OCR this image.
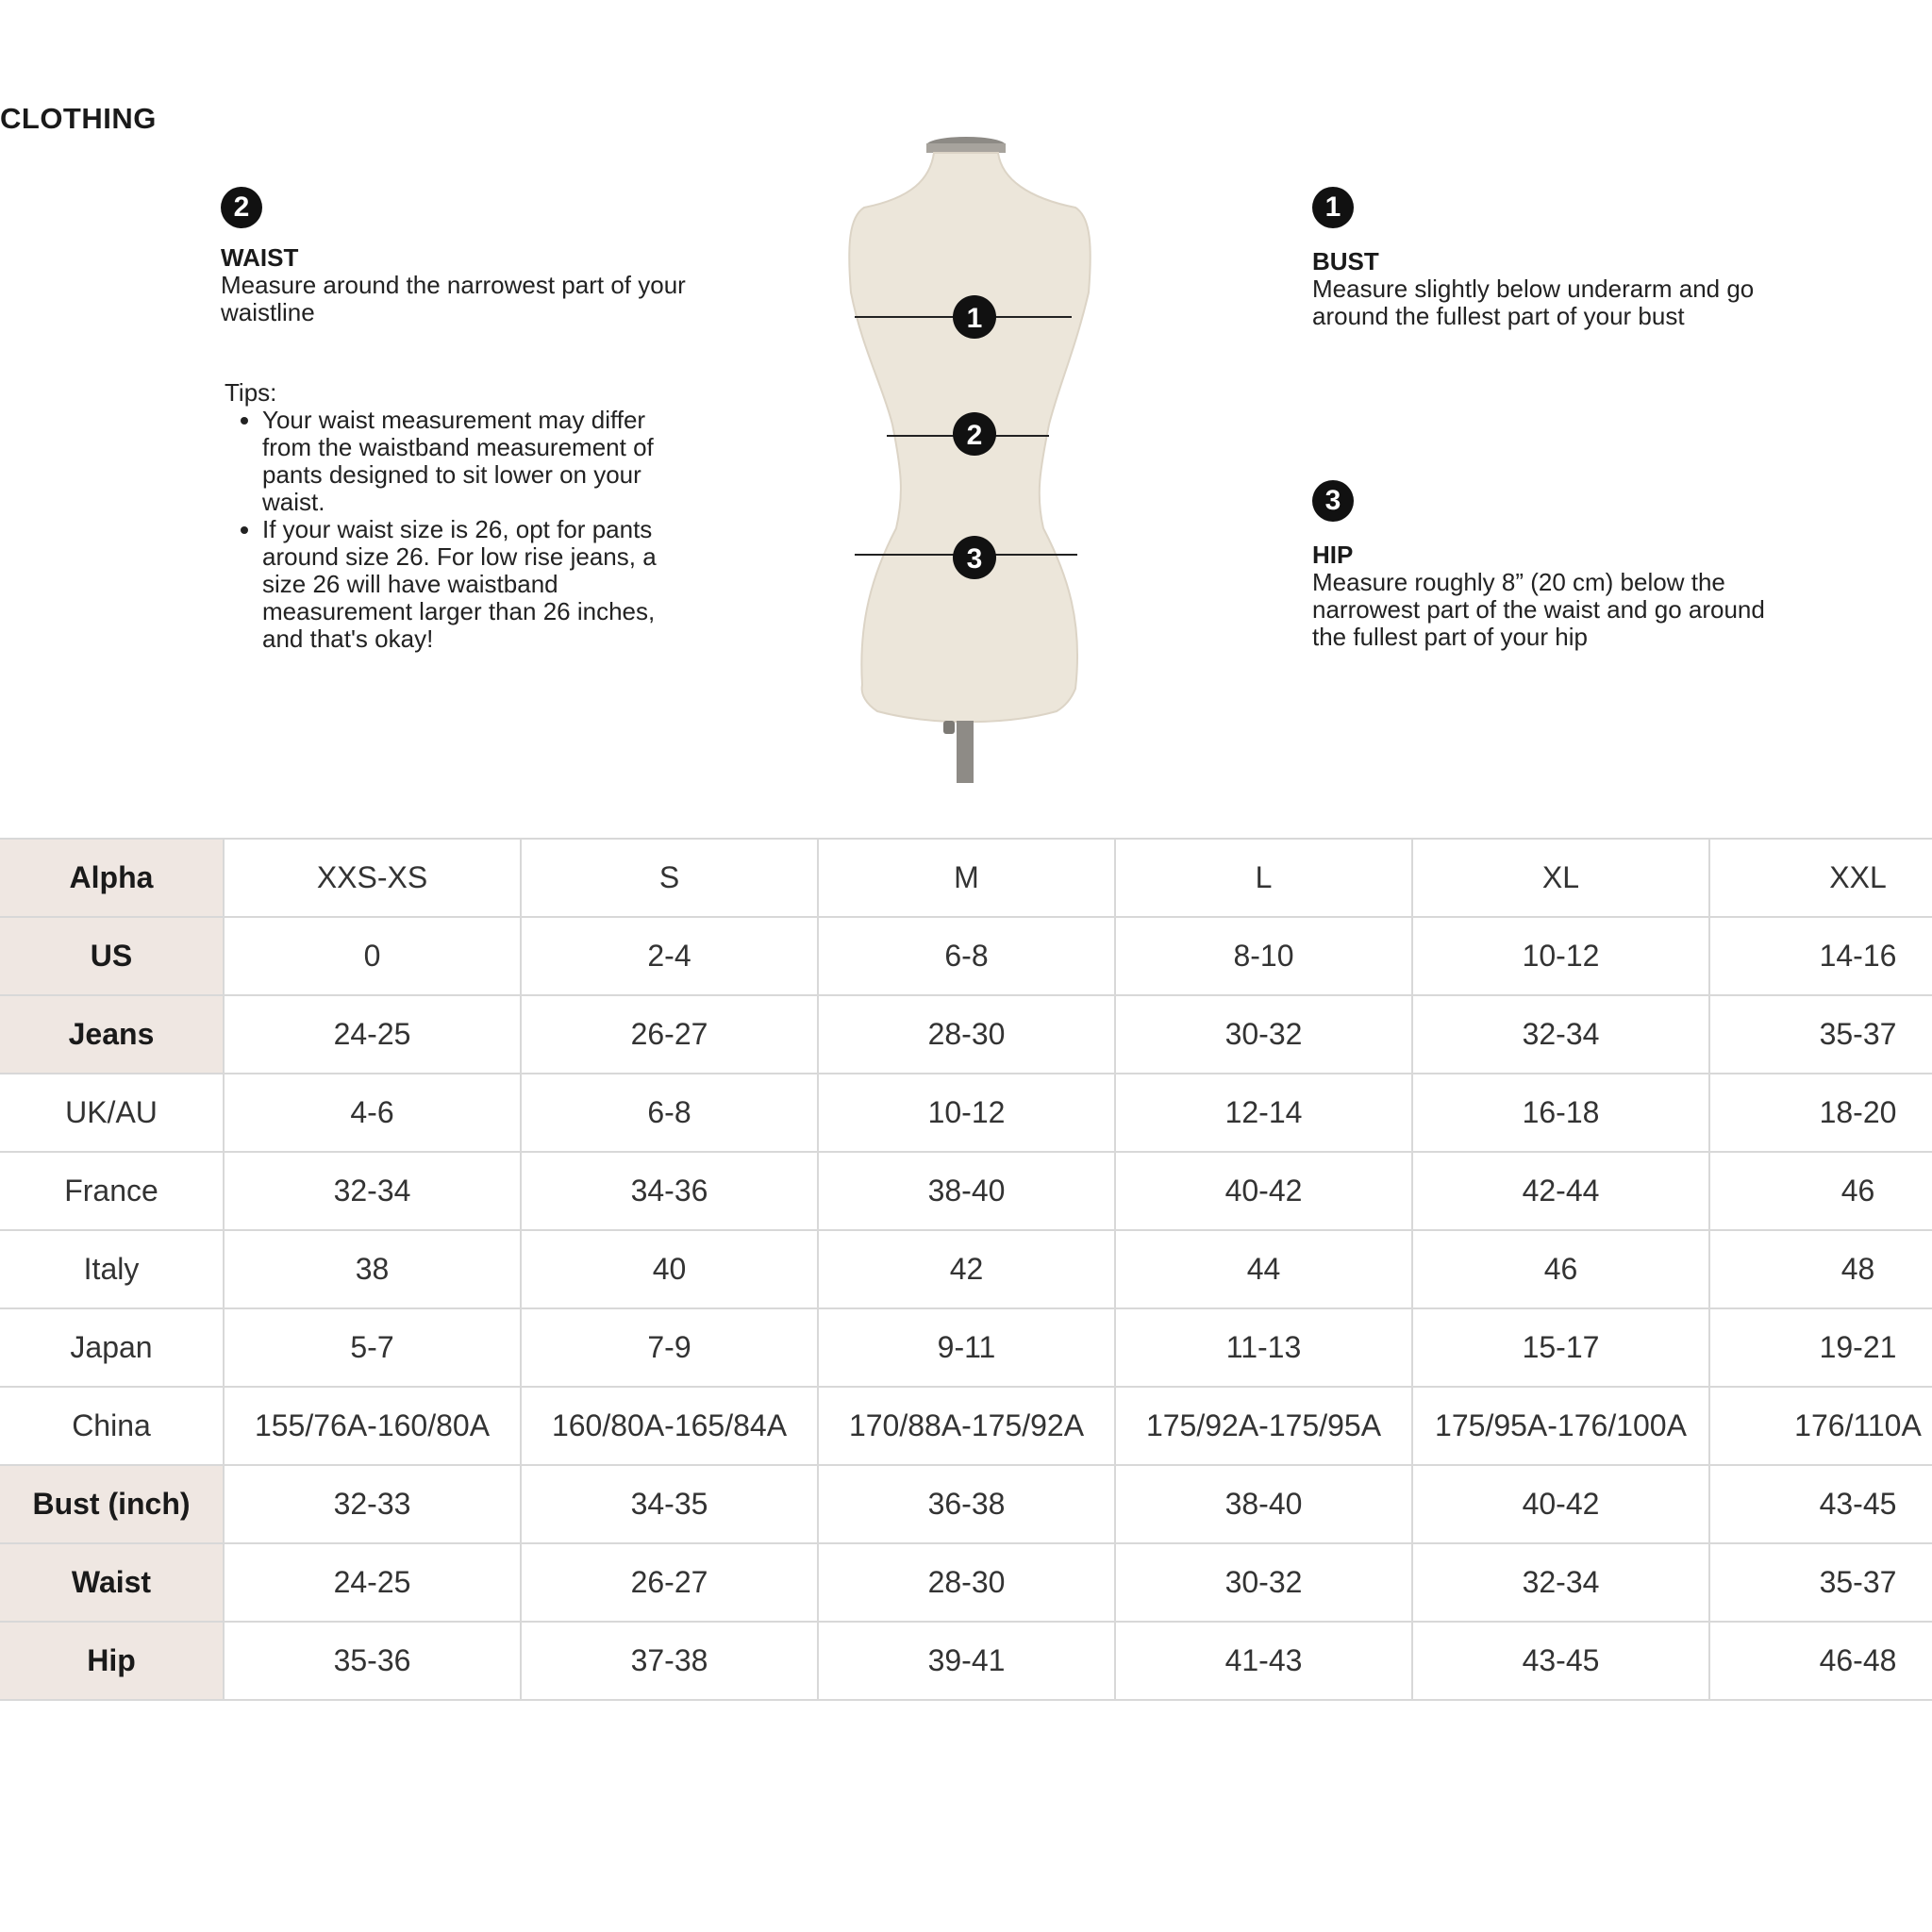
CLOTHING
2
WAIST
Measure around the narrowest part of your waistline
Tips:
• Your waist measurement may differ from the waistband measurement of pants designed to sit lower on your waist.
• If your waist size is 26, opt for pants around size 26. For low rise jeans, a size 26 will have waistband measurement larger than 26 inches, and that's okay!
1
BUST
Measure slightly below underarm and go around the fullest part of your bust
3
HIP
Measure roughly 8” (20 cm) below the narrowest part of the waist and go around the fullest part of your hip
1
2
3
Alpha	XXS-XS	S	M	L	XL	XXL
US	0	2-4	6-8	8-10	10-12	14-16
Jeans	24-25	26-27	28-30	30-32	32-34	35-37
UK/AU	4-6	6-8	10-12	12-14	16-18	18-20
France	32-34	34-36	38-40	40-42	42-44	46
Italy	38	40	42	44	46	48
Japan	5-7	7-9	9-11	11-13	15-17	19-21
China	155/76A-160/80A	160/80A-165/84A	170/88A-175/92A	175/92A-175/95A	175/95A-176/100A	176/110A
Bust (inch)	32-33	34-35	36-38	38-40	40-42	43-45
Waist	24-25	26-27	28-30	30-32	32-34	35-37
Hip	35-36	37-38	39-41	41-43	43-45	46-48
